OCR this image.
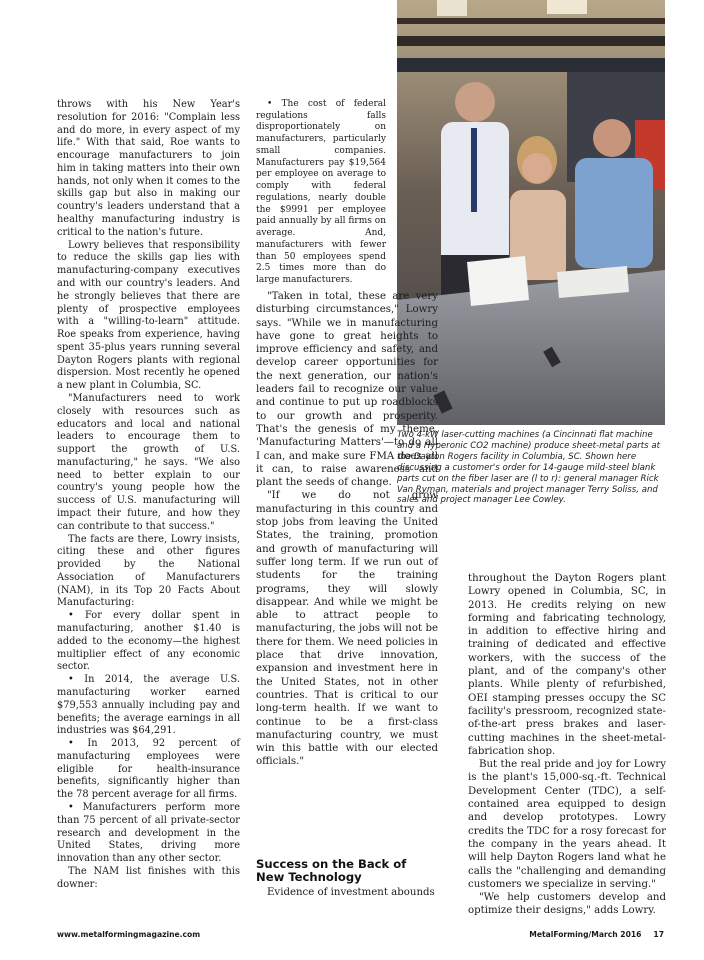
throws with his New Year's resolution for 2016: "Complain less and do more, in every aspect of my life." With that said, Roe wants to encourage manufacturers to join him in taking matters into their own hands, not only when it comes to the skills gap but also in making our country's leaders understand that a healthy manufacturing industry is critical to the nation's future.

Lowry believes that responsibility to reduce the skills gap lies with manufacturing-company executives and with our country's leaders. And he strongly believes that there are plenty of prospective employees with a "willing-to-learn" attitude. Roe speaks from experience, having spent 35-plus years running several Dayton Rogers plants with regional dispersion. Most recently he opened a new plant in Columbia, SC.

"Manufacturers need to work closely with resources such as educators and local and national leaders to encourage them to support the growth of U.S. manufacturing," he says. "We also need to better explain to our country's young people how the success of U.S. manufacturing will impact their future, and how they can contribute to that success."

The facts are there, Lowry insists, citing these and other figures provided by the National Association of Manufacturers (NAM), in its Top 20 Facts About Manufacturing:

• For every dollar spent in manufacturing, another $1.40 is added to the economy—the highest multiplier effect of any economic sector.

• In 2014, the average U.S. manufacturing worker earned $79,553 annually including pay and benefits; the average earnings in all industries was $64,291.

• In 2013, 92 percent of manufacturing employees were eligible for health-insurance benefits, significantly higher than the 78 percent average for all firms.

• Manufacturers perform more than 75 percent of all private-sector research and development in the United States, driving more innovation than any other sector.

The NAM list finishes with this downer:

• The cost of federal regulations falls disproportionately on manufacturers, particularly small companies. Manufacturers pay $19,564 per employee on average to comply with federal regulations, nearly double the $9991 per employee paid annually by all firms on average. And, manufacturers with fewer than 50 employees spend 2.5 times more than do large manufacturers.

Two 4-kW laser-cutting machines (a Cincinnati flat machine and a Hyperonic CO2 machine) produce sheet-metal parts at the Dayton Rogers facility in Columbia, SC. Shown here discussing a customer's order for 14-gauge mild-steel blank parts cut on the fiber laser are (l to r): general manager Rick Van Ryman, materials and project manager Terry Soliss, and sales and project manager Lee Cowley.

"Taken in total, these are very disturbing circumstances," Lowry says. "While we in manufacturing have gone to great heights to improve efficiency and safety, and develop career opportunities for the next generation, our nation's leaders fail to recognize our value and continue to put up roadblocks to our growth and prosperity. That's the genesis of my theme, 'Manufacturing Matters'—to do all I can, and make sure FMA does all it can, to raise awareness and plant the seeds of change.

"If we do not grow manufacturing in this country and stop jobs from leaving the United States, the training, promotion and growth of manufacturing will suffer long term. If we run out of students for the training programs, they will slowly disappear. And while we might be able to attract people to manufacturing, the jobs will not be there for them. We need policies in place that drive innovation, expansion and investment here in the United States, not in other countries. That is critical to our long-term health. If we want to continue to be a first-class manufacturing country, we must win this battle with our elected officials."

Success on the Back of New Technology

Evidence of investment abounds

throughout the Dayton Rogers plant Lowry opened in Columbia, SC, in 2013. He credits relying on new forming and fabricating technology, in addition to effective hiring and training of dedicated and effective workers, with the success of the plant, and of the company's other plants. While plenty of refurbished, OEI stamping presses occupy the SC facility's pressroom, recognized state-of-the-art press brakes and laser-cutting machines in the sheet-metal-fabrication shop.

But the real pride and joy for Lowry is the plant's 15,000-sq.-ft. Technical Development Center (TDC), a self-contained area equipped to design and develop prototypes. Lowry credits the TDC for a rosy forecast for the company in the years ahead. It will help Dayton Rogers land what he calls the "challenging and demanding customers we specialize in serving."

"We help customers develop and optimize their designs," adds Lowry.

www.metalformingmagazine.com	MetalForming/March 2016 17
